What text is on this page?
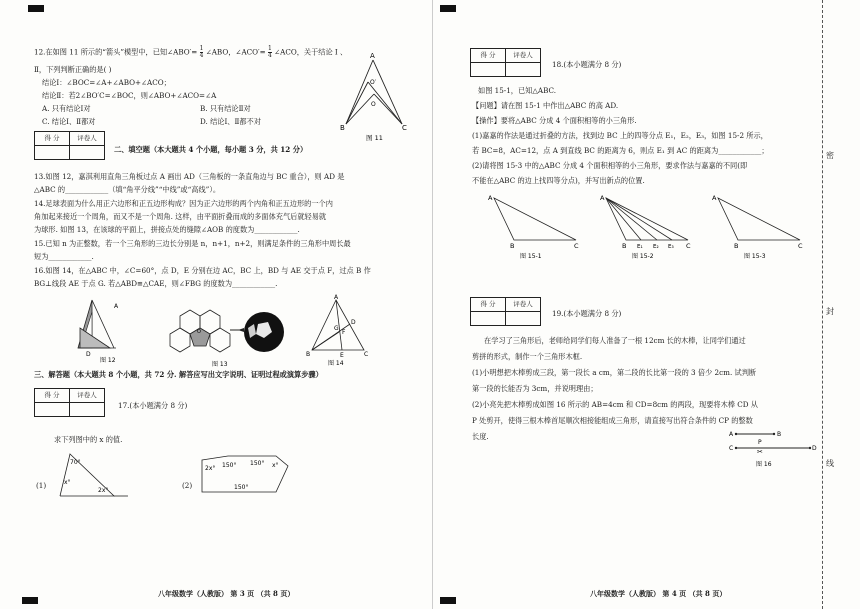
12.在如图 11 所示的“箭头”模型中，已知∠ABO′= $\frac{1}{4}$ ∠ABO，∠ACO′= $\frac{1}{4}$ ∠ACO，关于结论 Ⅰ 、
Ⅱ，下列判断正确的是( )
结论Ⅰ：∠BOC=∠A+∠ABO+∠ACO；
结论Ⅱ：若2∠BO′C=∠BOC，则∠ABO+∠ACO=∠A
A. 只有结论Ⅰ对	B. 只有结论Ⅱ对
C. 结论Ⅰ、Ⅱ都对	D. 结论Ⅰ、Ⅱ都不对
A
O′
O
B	C
图 11
得 分	评卷人

二、填空题（本大题共 4 个小题，每小题 3 分，共 12 分）
13.如图 12，嘉淇利用直角三角板过点 A 画出 AD（三角板的一条直角边与 BC 重合），则 AD 是
△ABC 的____________（填“角平分线”“中线”或“高线”）。
14.足球表面为什么用正六边形和正五边形构成？因为正六边形的两个内角和正五边形的一个内
角加起来接近一个周角，而又不是一个周角. 这样，由平面折叠而成的多面体充气后就轻易就
为球形. 如图 13，在该球的平面上，拼接点处的缝隙∠AOB 的度数为____________.
15.已知 n 为正整数，若一个三角形的三边长分别是 n，n+1，n+2，则满足条件的三角形中周长最
短为____________.
16.如图 14，在△ABC 中，∠C=60°，点 D，E 分别在边 AC，BC 上，BD 与 AE 交于点 F，过点 B 作
BG⊥线段 AE 于点 G. 若△ABD≌△CAE，则∠FBG 的度数为____________.
A
D
图 12
O
图 13
A
D
F
G
B	E	C
图 14
三、解答题（本大题共 8 个小题，共 72 分. 解答应写出文字说明、证明过程或演算步骤）
得 分	评卷人

17.(本小题满分 8 分)
求下列图中的 x 的值.
(1)
70°
x°
2x°
(2)
2x° 150° 150° x°
150°
八年级数学（人教版） 第 3 页 （共 8 页）
得 分	评卷人

18.(本小题满分 8 分)
如图 15-1，已知△ABC.
【问题】请在图 15-1 中作出△ABC 的高 AD.
【操作】要将△ABC 分成 4 个面积相等的小三角形.
(1)嘉嘉的作法是通过折叠的方法，找到边 BC 上的四等分点 E₁，E₂，E₃，如图 15-2 所示，
若 BC=8，AC=12，点 A 到直线 BC 的距离为 6，则点 E₁ 到 AC 的距离为____________；
(2)请将图 15-3 中的△ABC 分成 4 个面积相等的小三角形，要求作法与嘉嘉的不同(即
不能在△ABC 的边上找四等分点)，并写出新点的位置.
A
B	C
图 15-1
A
B E₁ E₂ E₃ C
图 15-2
A
B	C
图 15-3
得 分	评卷人

19.(本小题满分 8 分)
在学习了三角形后，老师给同学们每人准备了一根 12cm 长的木棒，让同学们通过
剪拼的形式，制作一个三角形木框.
(1)小明想把木棒剪成三段，第一段长 a cm，第二段的长比第一段的 3 倍少 2cm. 试判断
第一段的长能否为 3cm，并说明理由；
(2)小亮先把木棒剪成如图 16 所示的 AB=4cm 和 CD=8cm 的两段，现要将木棒 CD 从
P 处剪开，使得三根木棒首尾顺次相接能组成三角形，请直接写出符合条件的 CP 的整数
长度.	A	B
C
P
✂	D
图 16
八年级数学（人教版） 第 4 页 （共 8 页）
密
封
线
